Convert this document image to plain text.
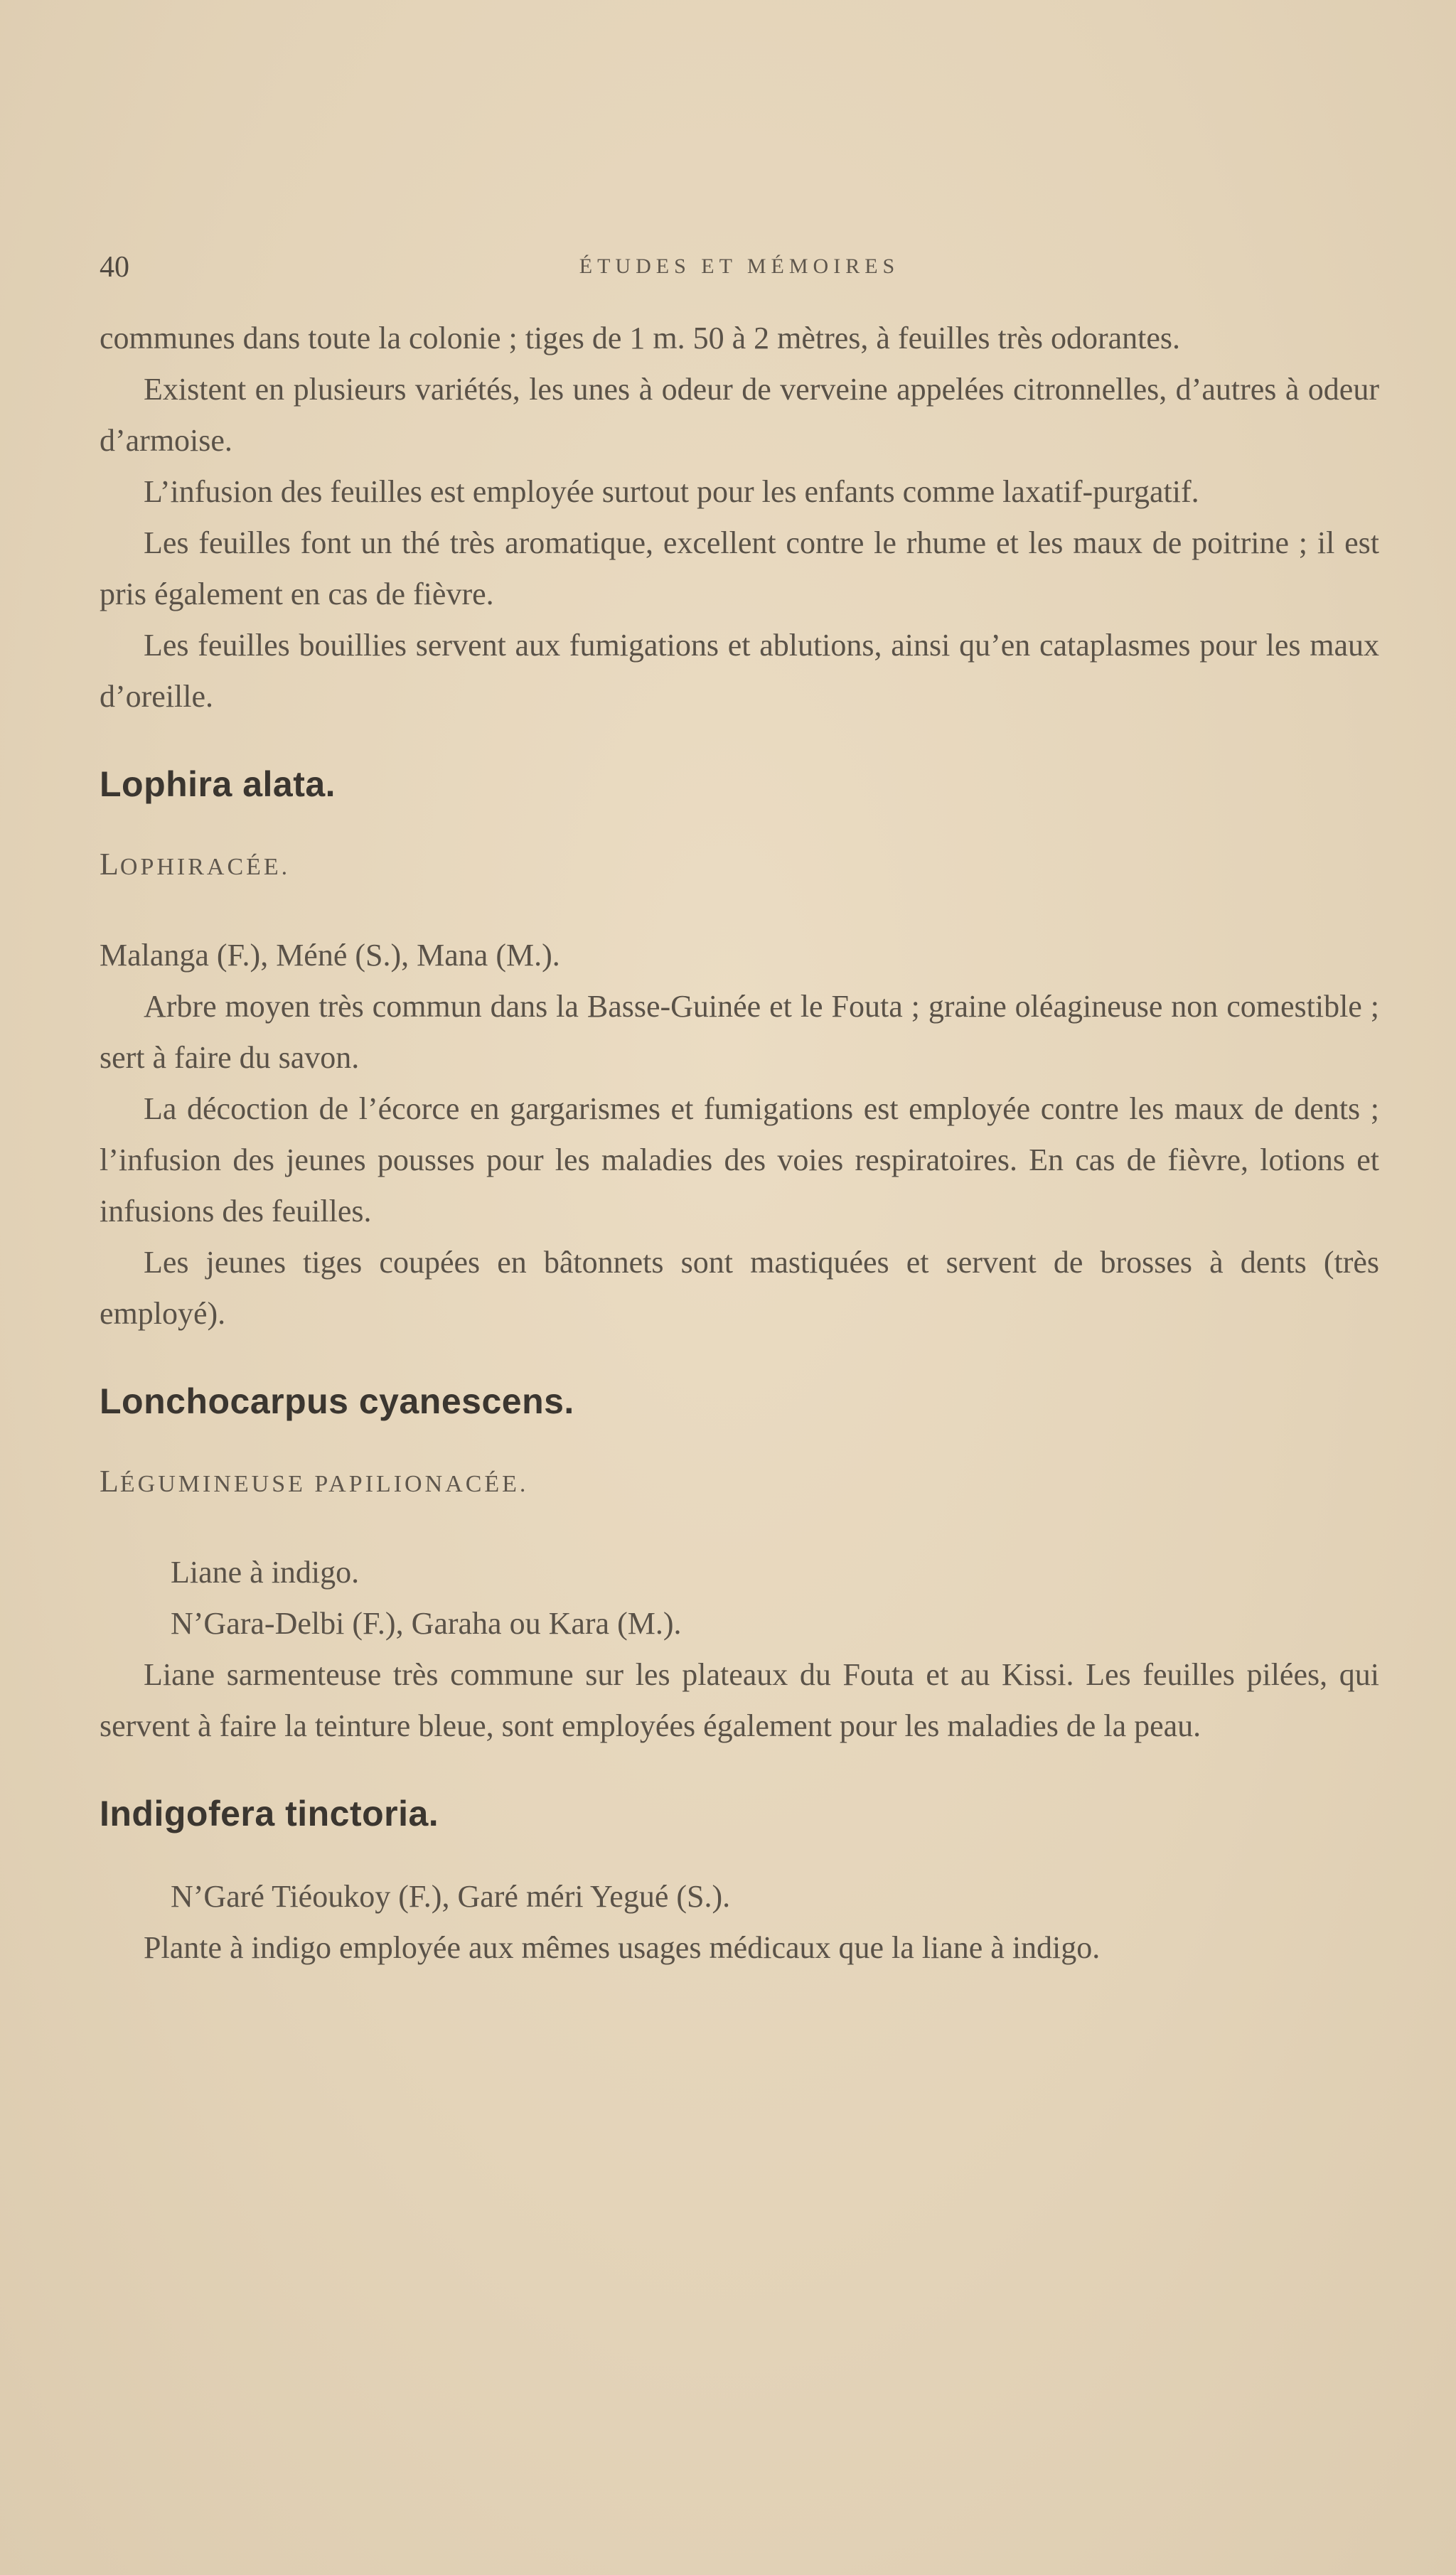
40	ÉTUDES ET MÉMOIRES

communes dans toute la colonie ; tiges de 1 m. 50 à 2 mètres, à feuilles très odorantes.

Existent en plusieurs variétés, les unes à odeur de verveine appelées citronnelles, d’autres à odeur d’armoise.

L’infusion des feuilles est employée surtout pour les enfants comme laxatif-purgatif.

Les feuilles font un thé très aromatique, excellent contre le rhume et les maux de poitrine ; il est pris également en cas de fièvre.

Les feuilles bouillies servent aux fumigations et ablutions, ainsi qu’en cataplasmes pour les maux d’oreille.

Lophira alata.

LOPHIRACÉE.

Malanga (F.), Méné (S.), Mana (M.).

Arbre moyen très commun dans la Basse-Guinée et le Fouta ; graine oléagineuse non comestible ; sert à faire du savon.

La décoction de l’écorce en gargarismes et fumigations est employée contre les maux de dents ; l’infusion des jeunes pousses pour les maladies des voies respiratoires. En cas de fièvre, lotions et infusions des feuilles.

Les jeunes tiges coupées en bâtonnets sont mastiquées et servent de brosses à dents (très employé).

Lonchocarpus cyanescens.

LÉGUMINEUSE PAPILIONACÉE.

Liane à indigo.

N’Gara-Delbi (F.), Garaha ou Kara (M.).

Liane sarmenteuse très commune sur les plateaux du Fouta et au Kissi. Les feuilles pilées, qui servent à faire la teinture bleue, sont employées également pour les maladies de la peau.

Indigofera tinctoria.

N’Garé Tiéoukoy (F.), Garé méri Yegué (S.).

Plante à indigo employée aux mêmes usages médicaux que la liane à indigo.
